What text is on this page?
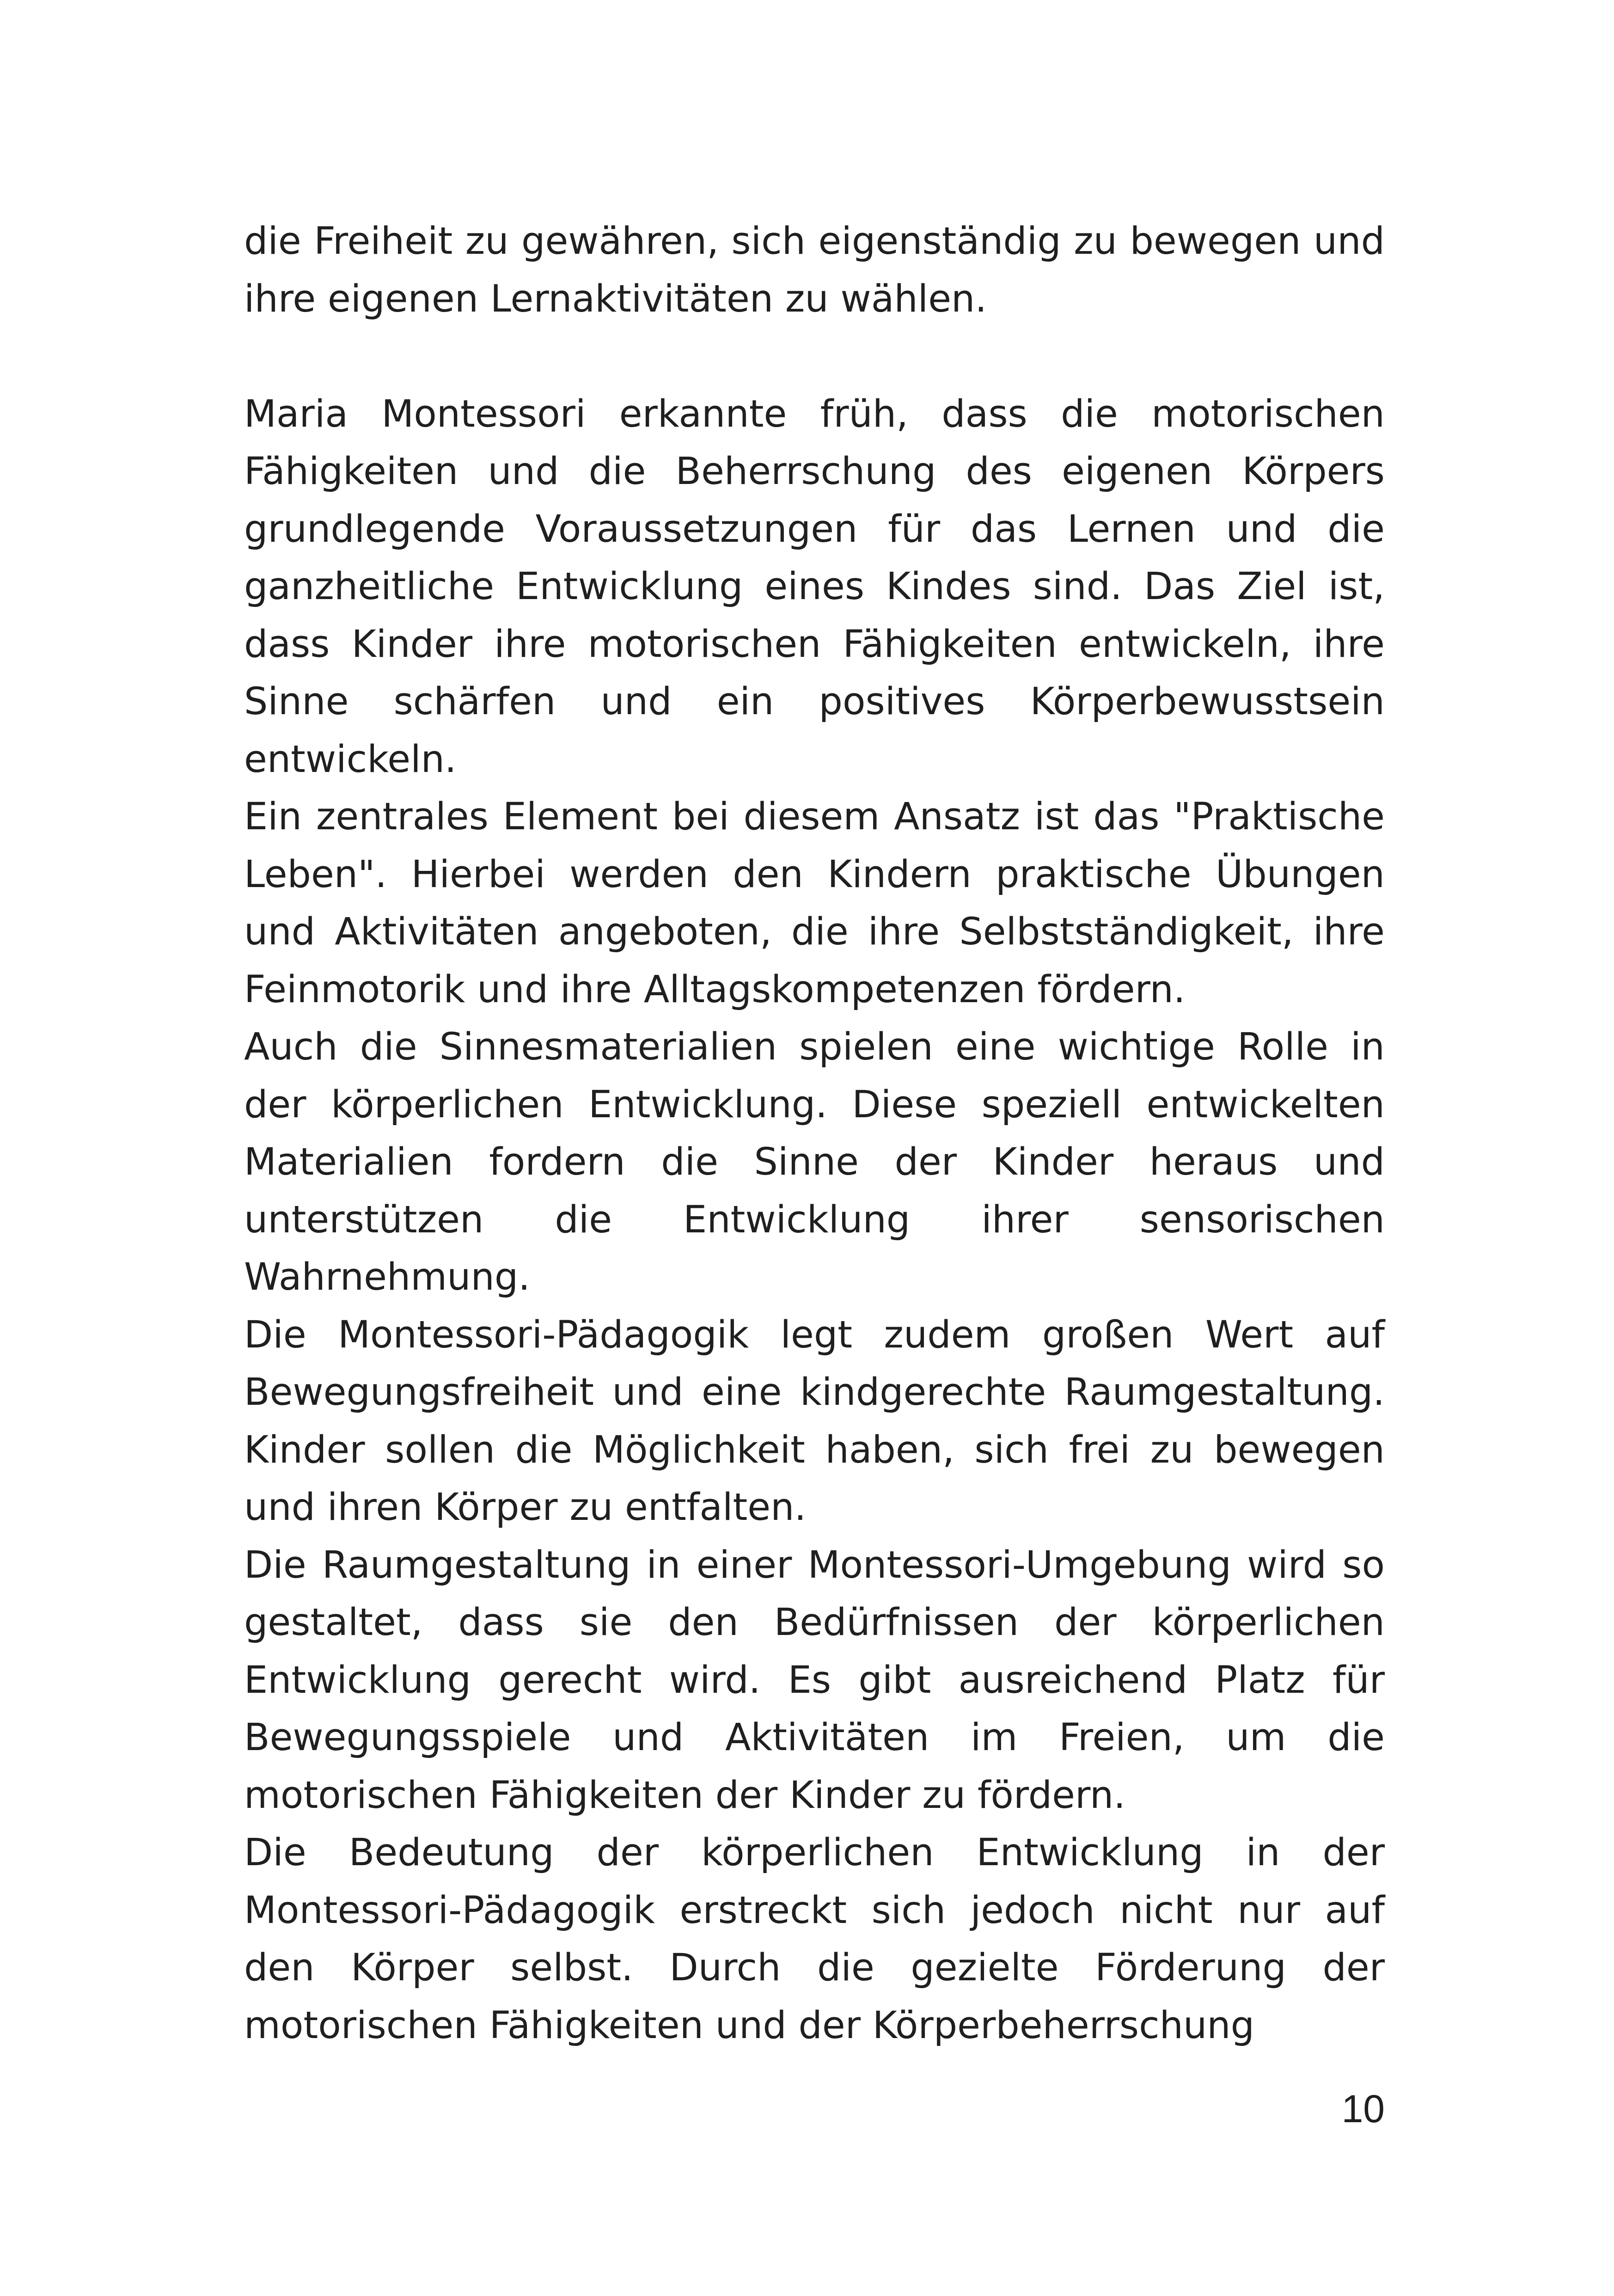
die Freiheit zu gewähren, sich eigenständig zu bewegen und ihre eigenen Lernaktivitäten zu wählen.

Maria Montessori erkannte früh, dass die motorischen Fähigkeiten und die Beherrschung des eigenen Körpers grundlegende Voraussetzungen für das Lernen und die ganzheitliche Entwicklung eines Kindes sind. Das Ziel ist, dass Kinder ihre motorischen Fähigkeiten entwickeln, ihre Sinne schärfen und ein positives Körperbewusstsein entwickeln.

Ein zentrales Element bei diesem Ansatz ist das "Praktische Leben". Hierbei werden den Kindern praktische Übungen und Aktivitäten angeboten, die ihre Selbstständigkeit, ihre Feinmotorik und ihre Alltagskompetenzen fördern.

Auch die Sinnesmaterialien spielen eine wichtige Rolle in der körperlichen Entwicklung. Diese speziell entwickelten Materialien fordern die Sinne der Kinder heraus und unterstützen die Entwicklung ihrer sensorischen Wahrnehmung.

Die Montessori-Pädagogik legt zudem großen Wert auf Bewegungsfreiheit und eine kindgerechte Raumgestaltung. Kinder sollen die Möglichkeit haben, sich frei zu bewegen und ihren Körper zu entfalten.

Die Raumgestaltung in einer Montessori-Umgebung wird so gestaltet, dass sie den Bedürfnissen der körperlichen Entwicklung gerecht wird. Es gibt ausreichend Platz für Bewegungsspiele und Aktivitäten im Freien, um die motorischen Fähigkeiten der Kinder zu fördern.

Die Bedeutung der körperlichen Entwicklung in der Montessori-Pädagogik erstreckt sich jedoch nicht nur auf den Körper selbst. Durch die gezielte Förderung der motorischen Fähigkeiten und der Körperbeherrschung

10
